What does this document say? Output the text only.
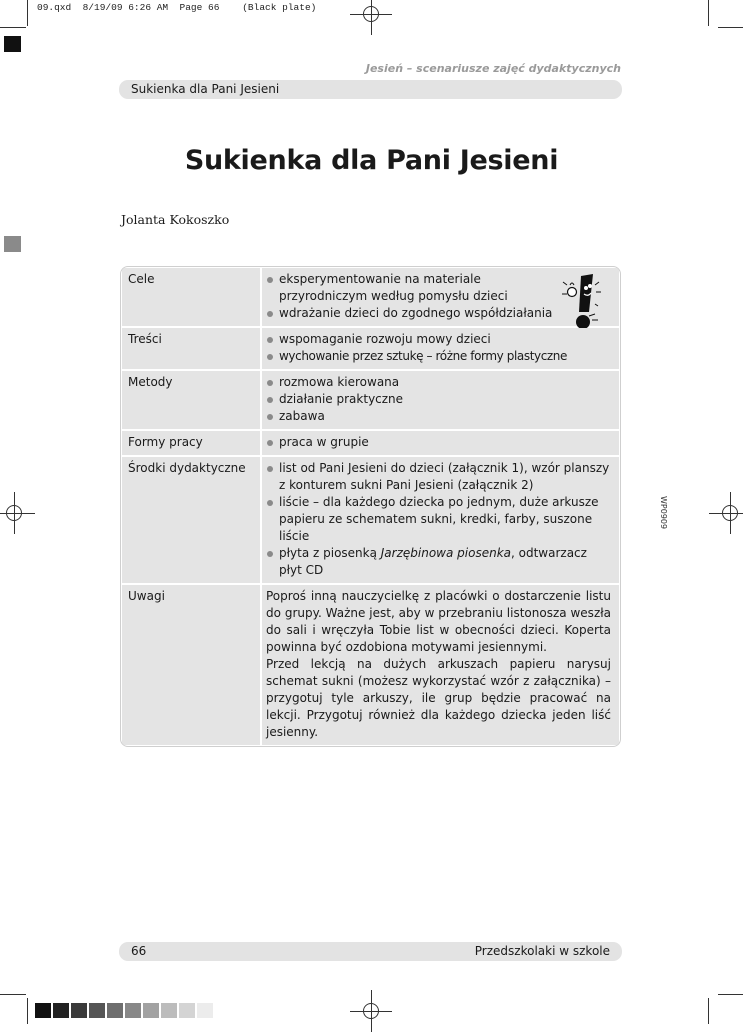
09.qxd  8/19/09 6:26 AM  Page 66    (Black plate)
Jesień – scenariusze zajęć dydaktycznych
Sukienka dla Pani Jesieni
Sukienka dla Pani Jesieni
Jolanta Kokoszko
Cele	eksperymentowanie na materiale przyrodniczym według pomysłu dzieci
wdrażanie dzieci do zgodnego współdziałania
Treści	wspomaganie rozwoju mowy dzieci
wychowanie przez sztukę – różne formy plastyczne
Metody	rozmowa kierowana
działanie praktyczne
zabawa
Formy pracy	praca w grupie
Środki dydaktyczne	list od Pani Jesieni do dzieci (załącznik 1), wzór planszy z konturem sukni Pani Jesieni (załącznik 2)
liście – dla każdego dziecka po jednym, duże arkusze papieru ze schematem sukni, kredki, farby, suszone liście
płyta z piosenką Jarzębinowa piosenka, odtwarzacz płyt CD
Uwagi	Poproś inną nauczycielkę z placówki o dostarczenie listu do grupy. Ważne jest, aby w przebraniu listonosza weszła do sali i wręczyła Tobie list w obecności dzieci. Koperta powinna być ozdobiona motywami jesiennymi.
Przed lekcją na dużych arkuszach papieru narysuj schemat sukni (możesz wykorzystać wzór z załącznika) – przygotuj tyle arkuszy, ile grup będzie pracować na lekcji. Przygotuj również dla każdego dziecka jeden liść jesienny.
WP0909
66	Przedszkolaki w szkole
